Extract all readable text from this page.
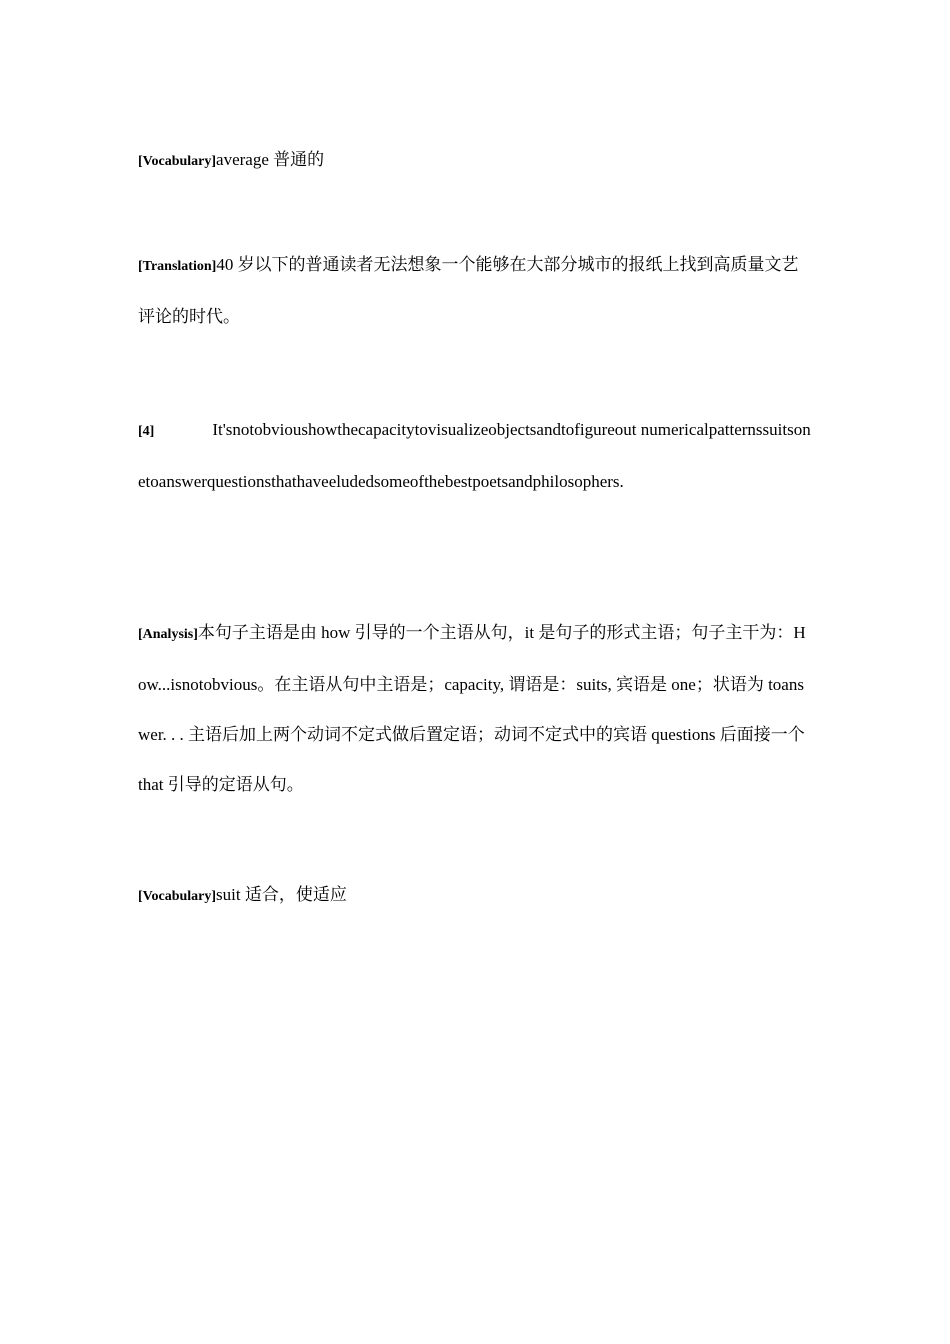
[Vocabulary]average 普通的
[Translation]40 岁以下的普通读者无法想象一个能够在大部分城市的报纸上找到高质量文艺评论的时代。
[4]	It'snotobvioushowthecapacitytovisualizeobjectsandtofigureout numericalpatternssuitsonetoanswerquestionsthathaveeludedsomeofthebestpoetsandphilosophers.
[Analysis]本句子主语是由 how 引导的一个主语从句，it 是句子的形式主语；句子主干为：How...isnotobvious。在主语从句中主语是；capacity, 谓语是：suits, 宾语是 one；状语为 toanswer. . . 主语后加上两个动词不定式做后置定语；动词不定式中的宾语 questions 后面接一个 that 引导的定语从句。
[Vocabulary]suit 适合，使适应
